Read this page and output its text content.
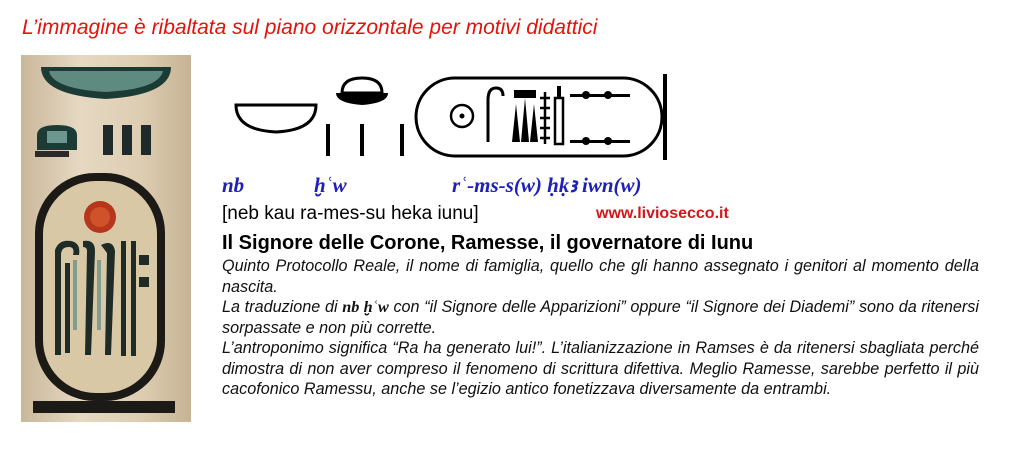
L’immagine è ribaltata sul piano orizzontale per motivi didattici
nb	ḫʿw	rʿ-ms-s(w) ḥḳꜣ iwn(w)
[neb kau ra-mes-su heka iunu]	www.liviosecco.it
Il Signore delle Corone, Ramesse, il governatore di Iunu

Quinto Protocollo Reale, il nome di famiglia, quello che gli hanno assegnato i genitori al momento della nascita.

La traduzione di nb ḫʿw con “il Signore delle Apparizioni” oppure “il Signore dei Diademi” sono da ritenersi sorpassate e non più corrette.

L’antroponimo significa “Ra ha generato lui!”. L’italianizzazione in Ramses è da ritenersi sbagliata perché dimostra di non aver compreso il fenomeno di scrittura difettiva. Meglio Ramesse, sarebbe perfetto il più cacofonico Ramessu, anche se l’egizio antico fonetizzava diversamente da entrambi.
